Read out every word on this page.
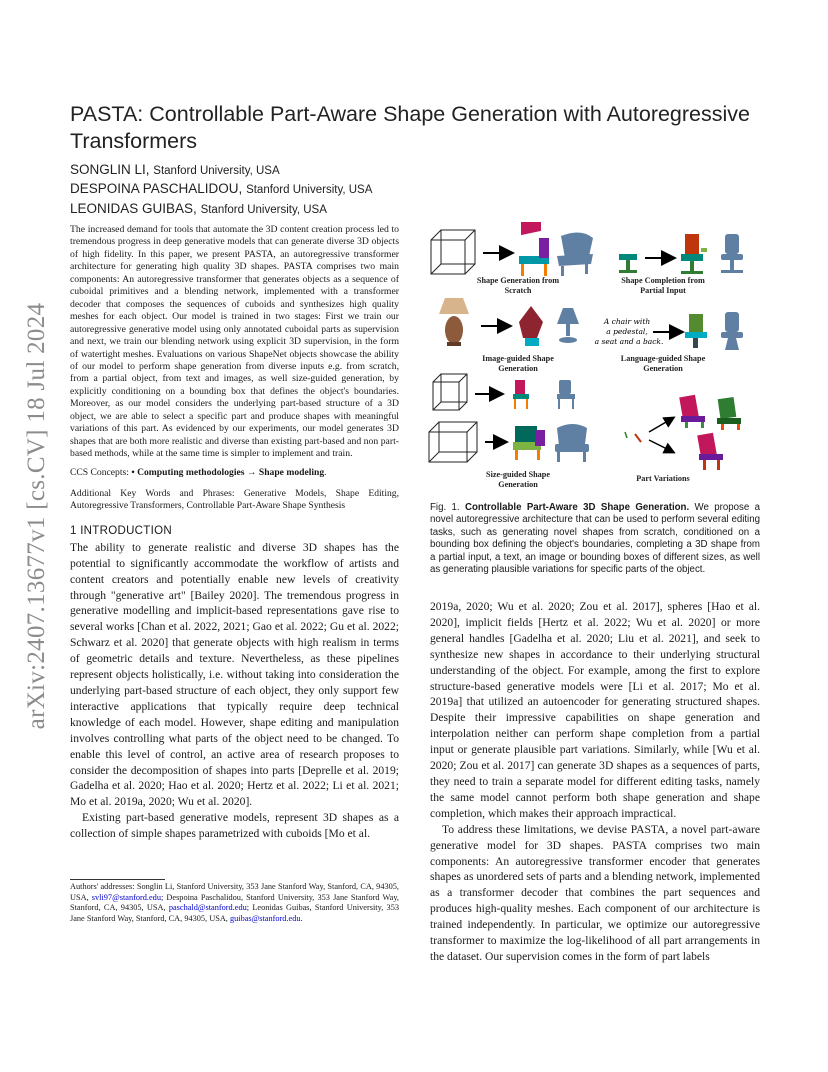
arXiv:2407.13677v1 [cs.CV] 18 Jul 2024
PASTA: Controllable Part-Aware Shape Generation with Autoregressive Transformers
SONGLIN LI, Stanford University, USA
DESPOINA PASCHALIDOU, Stanford University, USA
LEONIDAS GUIBAS, Stanford University, USA

The increased demand for tools that automate the 3D content creation process led to tremendous progress in deep generative models that can generate diverse 3D objects of high fidelity. In this paper, we present PASTA, an autoregressive transformer architecture for generating high quality 3D shapes. PASTA comprises two main components: An autoregressive transformer that generates objects as a sequence of cuboidal primitives and a blending network, implemented with a transformer decoder that composes the sequences of cuboids and synthesizes high quality meshes for each object. Our model is trained in two stages: First we train our autoregressive generative model using only annotated cuboidal parts as supervision and next, we train our blending network using explicit 3D supervision, in the form of watertight meshes. Evaluations on various ShapeNet objects showcase the ability of our model to perform shape generation from diverse inputs e.g. from scratch, from a partial object, from text and images, as well size-guided generation, by explicitly conditioning on a bounding box that defines the object's boundaries. Moreover, as our model considers the underlying part-based structure of a 3D object, we are able to select a specific part and produce shapes with meaningful variations of this part. As evidenced by our experiments, our model generates 3D shapes that are both more realistic and diverse than existing part-based and non part-based methods, while at the same time is simpler to implement and train.

CCS Concepts: • Computing methodologies → Shape modeling.

Additional Key Words and Phrases: Generative Models, Shape Editing, Autoregressive Transformers, Controllable Part-Aware Shape Synthesis

1 INTRODUCTION

The ability to generate realistic and diverse 3D shapes has the potential to significantly accommodate the workflow of artists and content creators and potentially enable new levels of creativity through "generative art" [Bailey 2020]. The tremendous progress in generative modelling and implicit-based representations gave rise to several works [Chan et al. 2022, 2021; Gao et al. 2022; Gu et al. 2022; Schwarz et al. 2020] that generate objects with high realism in terms of geometric details and texture. Nevertheless, as these pipelines represent objects holistically, i.e. without taking into consideration the underlying part-based structure of each object, they only support few interactive applications that typically require deep technical knowledge of each model. However, shape editing and manipulation involves controlling what parts of the object need to be changed. To enable this level of control, an active area of research proposes to consider the decomposition of shapes into parts [Deprelle et al. 2019; Gadelha et al. 2020; Hao et al. 2020; Hertz et al. 2022; Li et al. 2021; Mo et al. 2019a, 2020; Wu et al. 2020].

Existing part-based generative models, represent 3D shapes as a collection of simple shapes parametrized with cuboids [Mo et al.

Authors' addresses: Songlin Li, Stanford University, 353 Jane Stanford Way, Stanford, CA, 94305, USA, svli97@stanford.edu; Despoina Paschalidou, Stanford University, 353 Jane Stanford Way, Stanford, CA, 94305, USA, paschald@stanford.edu; Leonidas Guibas, Stanford University, 353 Jane Stanford Way, Stanford, CA, 94305, USA, guibas@stanford.edu.
A chair with
a pedestal,
a seat and a back.
Shape Generation from Scratch
Shape Completion from Partial Input
Image-guided Shape Generation
Language-guided Shape Generation
Size-guided Shape Generation
Part Variations
Fig. 1. Controllable Part-Aware 3D Shape Generation. We propose a novel autoregressive architecture that can be used to perform several editing tasks, such as generating novel shapes from scratch, conditioned on a bounding box defining the object's boundaries, completing a 3D shape from a partial input, a text, an image or bounding boxes of different sizes, as well as generating plausible variations for specific parts of the object.

2019a, 2020; Wu et al. 2020; Zou et al. 2017], spheres [Hao et al. 2020], implicit fields [Hertz et al. 2022; Wu et al. 2020] or more general handles [Gadelha et al. 2020; Liu et al. 2021], and seek to synthesize new shapes in accordance to their underlying structural understanding of the object. For example, among the first to explore structure-based generative models were [Li et al. 2017; Mo et al. 2019a] that utilized an autoencoder for generating structured shapes. Despite their impressive capabilities on shape generation and interpolation neither can perform shape completion from a partial input or generate plausible part variations. Similarly, while [Wu et al. 2020; Zou et al. 2017] can generate 3D shapes as a sequences of parts, they need to train a separate model for different editing tasks, namely the same model cannot perform both shape generation and shape completion, which makes their approach impractical.

To address these limitations, we devise PASTA, a novel part-aware generative model for 3D shapes. PASTA comprises two main components: An autoregressive transformer encoder that generates shapes as unordered sets of parts and a blending network, implemented as a transformer decoder that combines the part sequences and produces high-quality meshes. Each component of our architecture is trained independently. In particular, we optimize our autoregressive transformer to maximize the log-likelihood of all part arrangements in the dataset. Our supervision comes in the form of part labels
